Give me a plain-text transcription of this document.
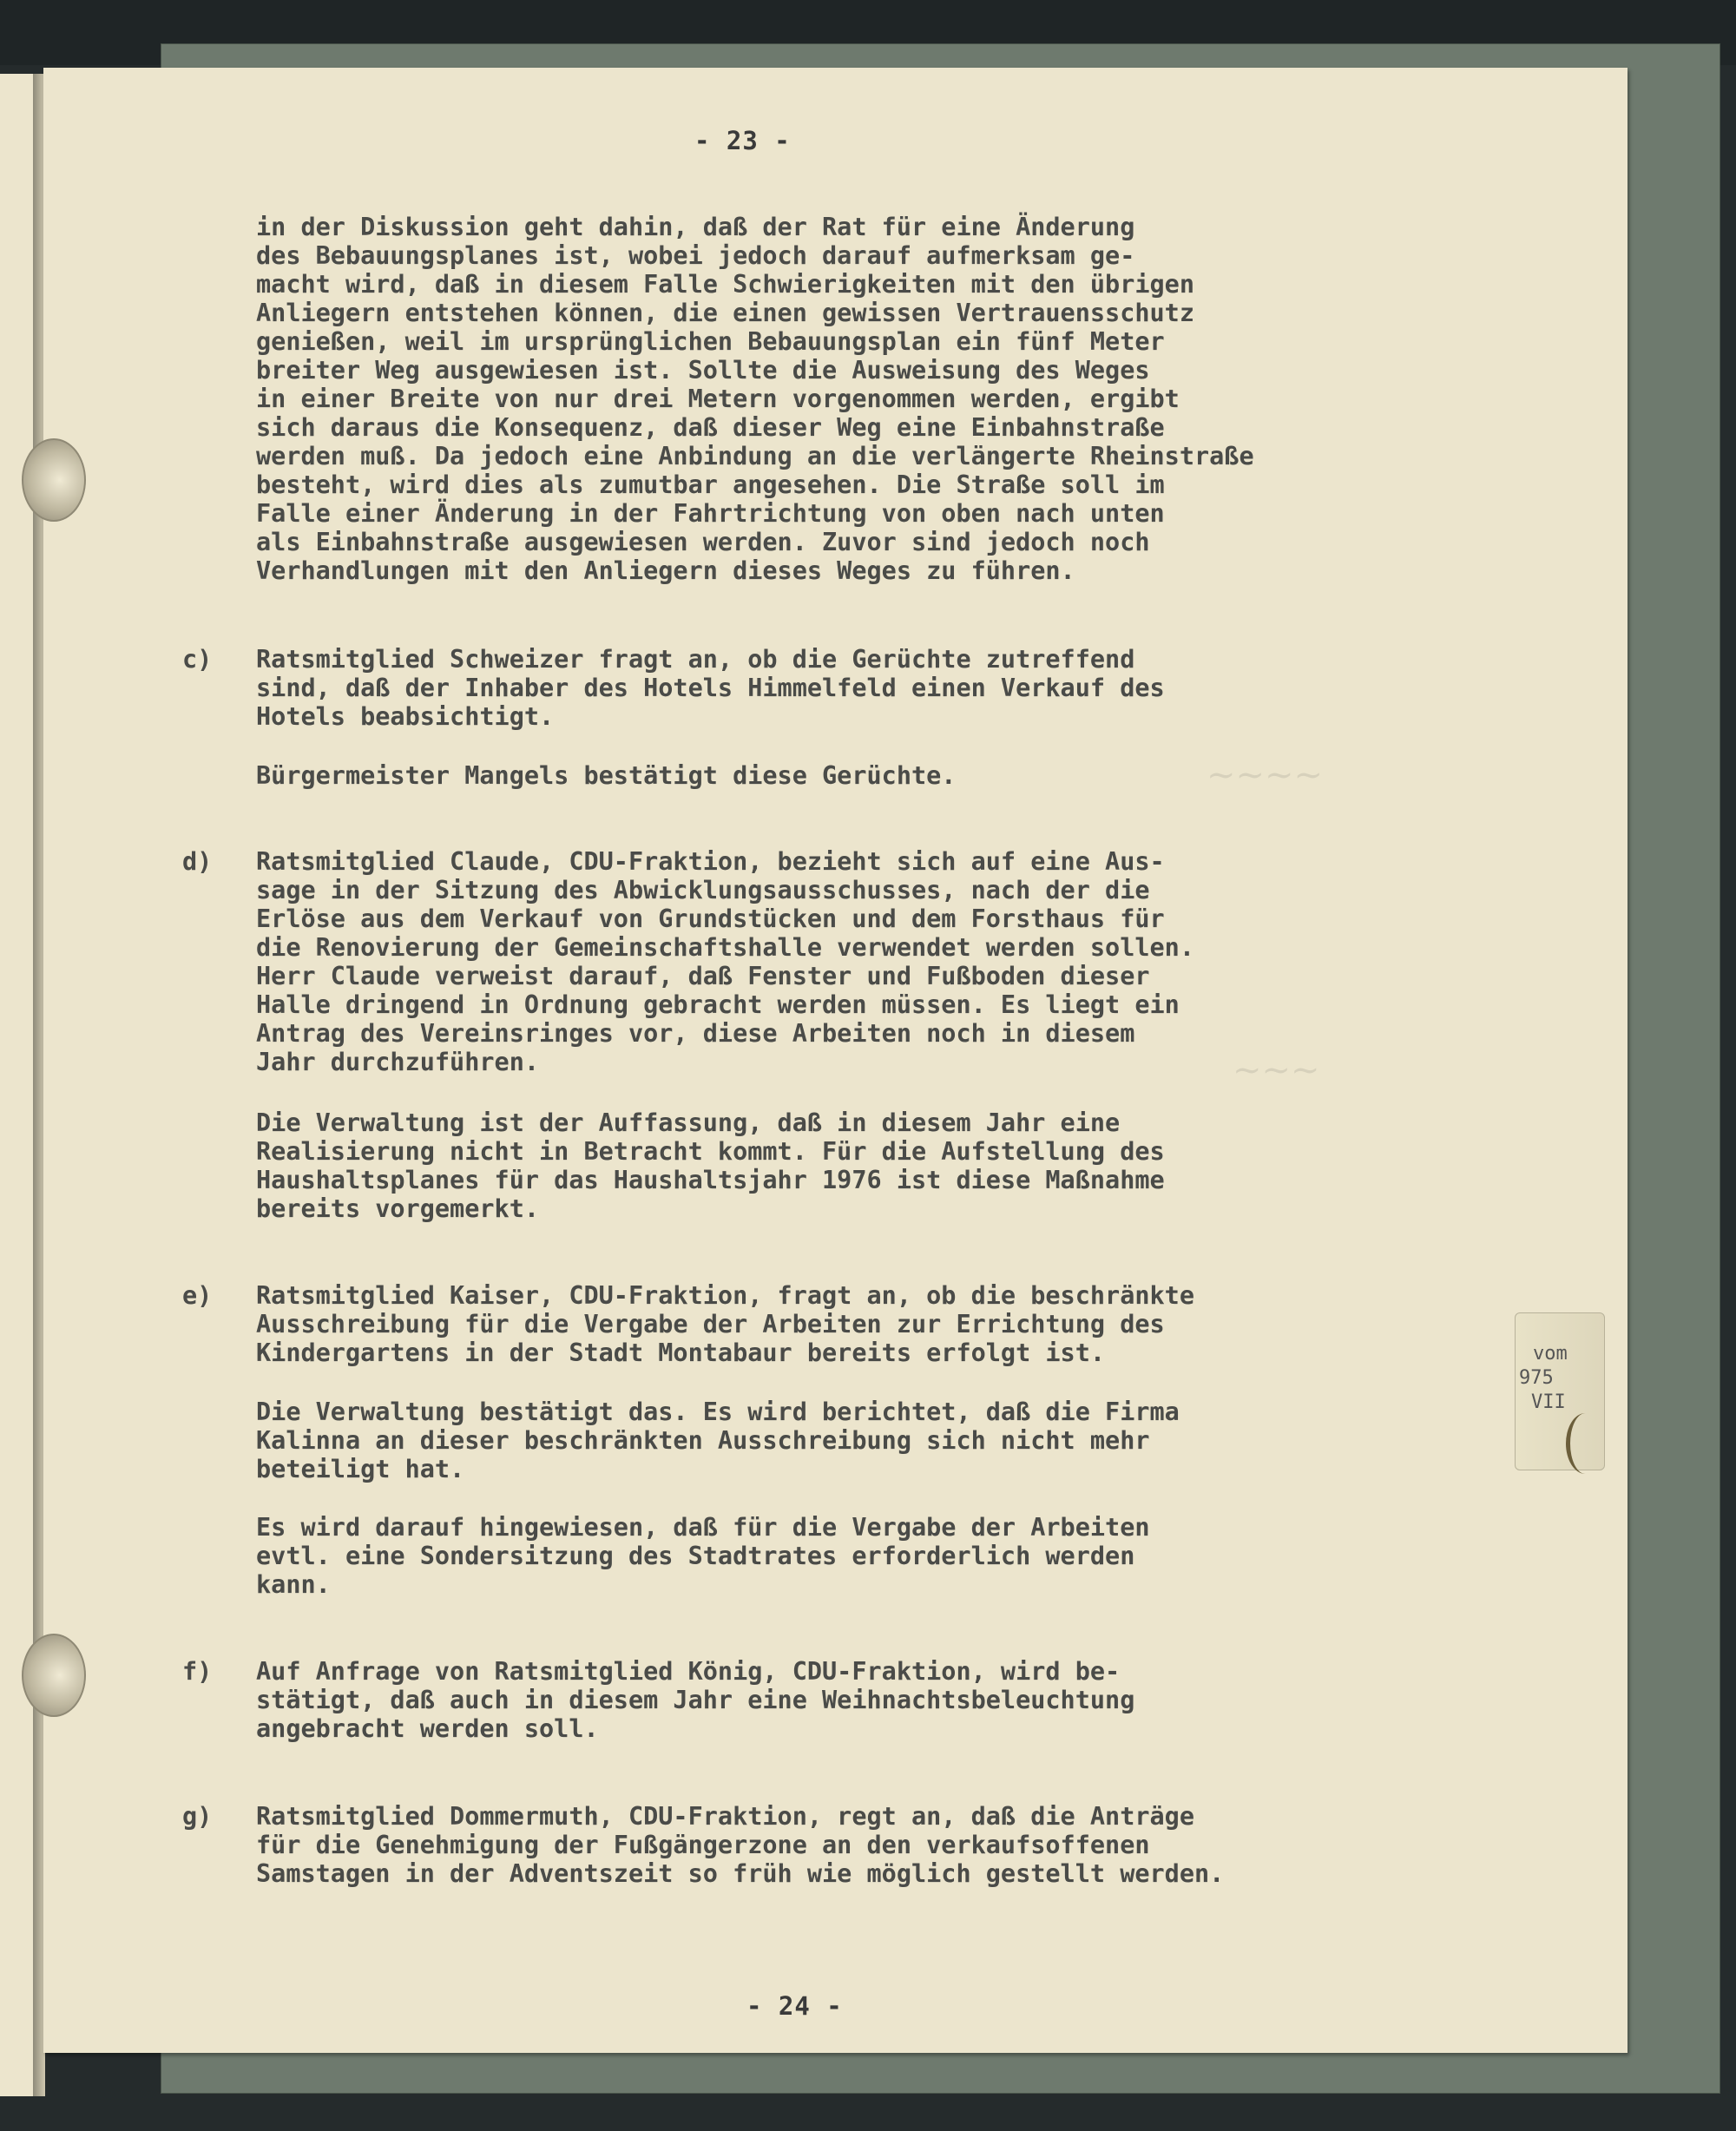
~~~~
~~~
- 23 -
in der Diskussion geht dahin, daß der Rat für eine Änderung
des Bebauungsplanes ist, wobei jedoch darauf aufmerksam ge-
macht wird, daß in diesem Falle Schwierigkeiten mit den übrigen
Anliegern entstehen können, die einen gewissen Vertrauensschutz
genießen, weil im ursprünglichen Bebauungsplan ein fünf Meter
breiter Weg ausgewiesen ist. Sollte die Ausweisung des Weges
in einer Breite von nur drei Metern vorgenommen werden, ergibt
sich daraus die Konsequenz, daß dieser Weg eine Einbahnstraße
werden muß. Da jedoch eine Anbindung an die verlängerte Rheinstraße
besteht, wird dies als zumutbar angesehen. Die Straße soll im
Falle einer Änderung in der Fahrtrichtung von oben nach unten
als Einbahnstraße ausgewiesen werden. Zuvor sind jedoch noch
Verhandlungen mit den Anliegern dieses Weges zu führen.
c) Ratsmitglied Schweizer fragt an, ob die Gerüchte zutreffend
sind, daß der Inhaber des Hotels Himmelfeld einen Verkauf des
Hotels beabsichtigt.
Bürgermeister Mangels bestätigt diese Gerüchte.
d) Ratsmitglied Claude, CDU-Fraktion, bezieht sich auf eine Aus-
sage in der Sitzung des Abwicklungsausschusses, nach der die
Erlöse aus dem Verkauf von Grundstücken und dem Forsthaus für
die Renovierung der Gemeinschaftshalle verwendet werden sollen.
Herr Claude verweist darauf, daß Fenster und Fußboden dieser
Halle dringend in Ordnung gebracht werden müssen. Es liegt ein
Antrag des Vereinsringes vor, diese Arbeiten noch in diesem
Jahr durchzuführen.
Die Verwaltung ist der Auffassung, daß in diesem Jahr eine
Realisierung nicht in Betracht kommt. Für die Aufstellung des
Haushaltsplanes für das Haushaltsjahr 1976 ist diese Maßnahme
bereits vorgemerkt.
e) Ratsmitglied Kaiser, CDU-Fraktion, fragt an, ob die beschränkte
Ausschreibung für die Vergabe der Arbeiten zur Errichtung des
Kindergartens in der Stadt Montabaur bereits erfolgt ist.
Die Verwaltung bestätigt das. Es wird berichtet, daß die Firma
Kalinna an dieser beschränkten Ausschreibung sich nicht mehr
beteiligt hat.
Es wird darauf hingewiesen, daß für die Vergabe der Arbeiten
evtl. eine Sondersitzung des Stadtrates erforderlich werden
kann.
f) Auf Anfrage von Ratsmitglied König, CDU-Fraktion, wird be-
stätigt, daß auch in diesem Jahr eine Weihnachtsbeleuchtung
angebracht werden soll.
g) Ratsmitglied Dommermuth, CDU-Fraktion, regt an, daß die Anträge
für die Genehmigung der Fußgängerzone an den verkaufsoffenen
Samstagen in der Adventszeit so früh wie möglich gestellt werden.
- 24 -
vom
975
VII
